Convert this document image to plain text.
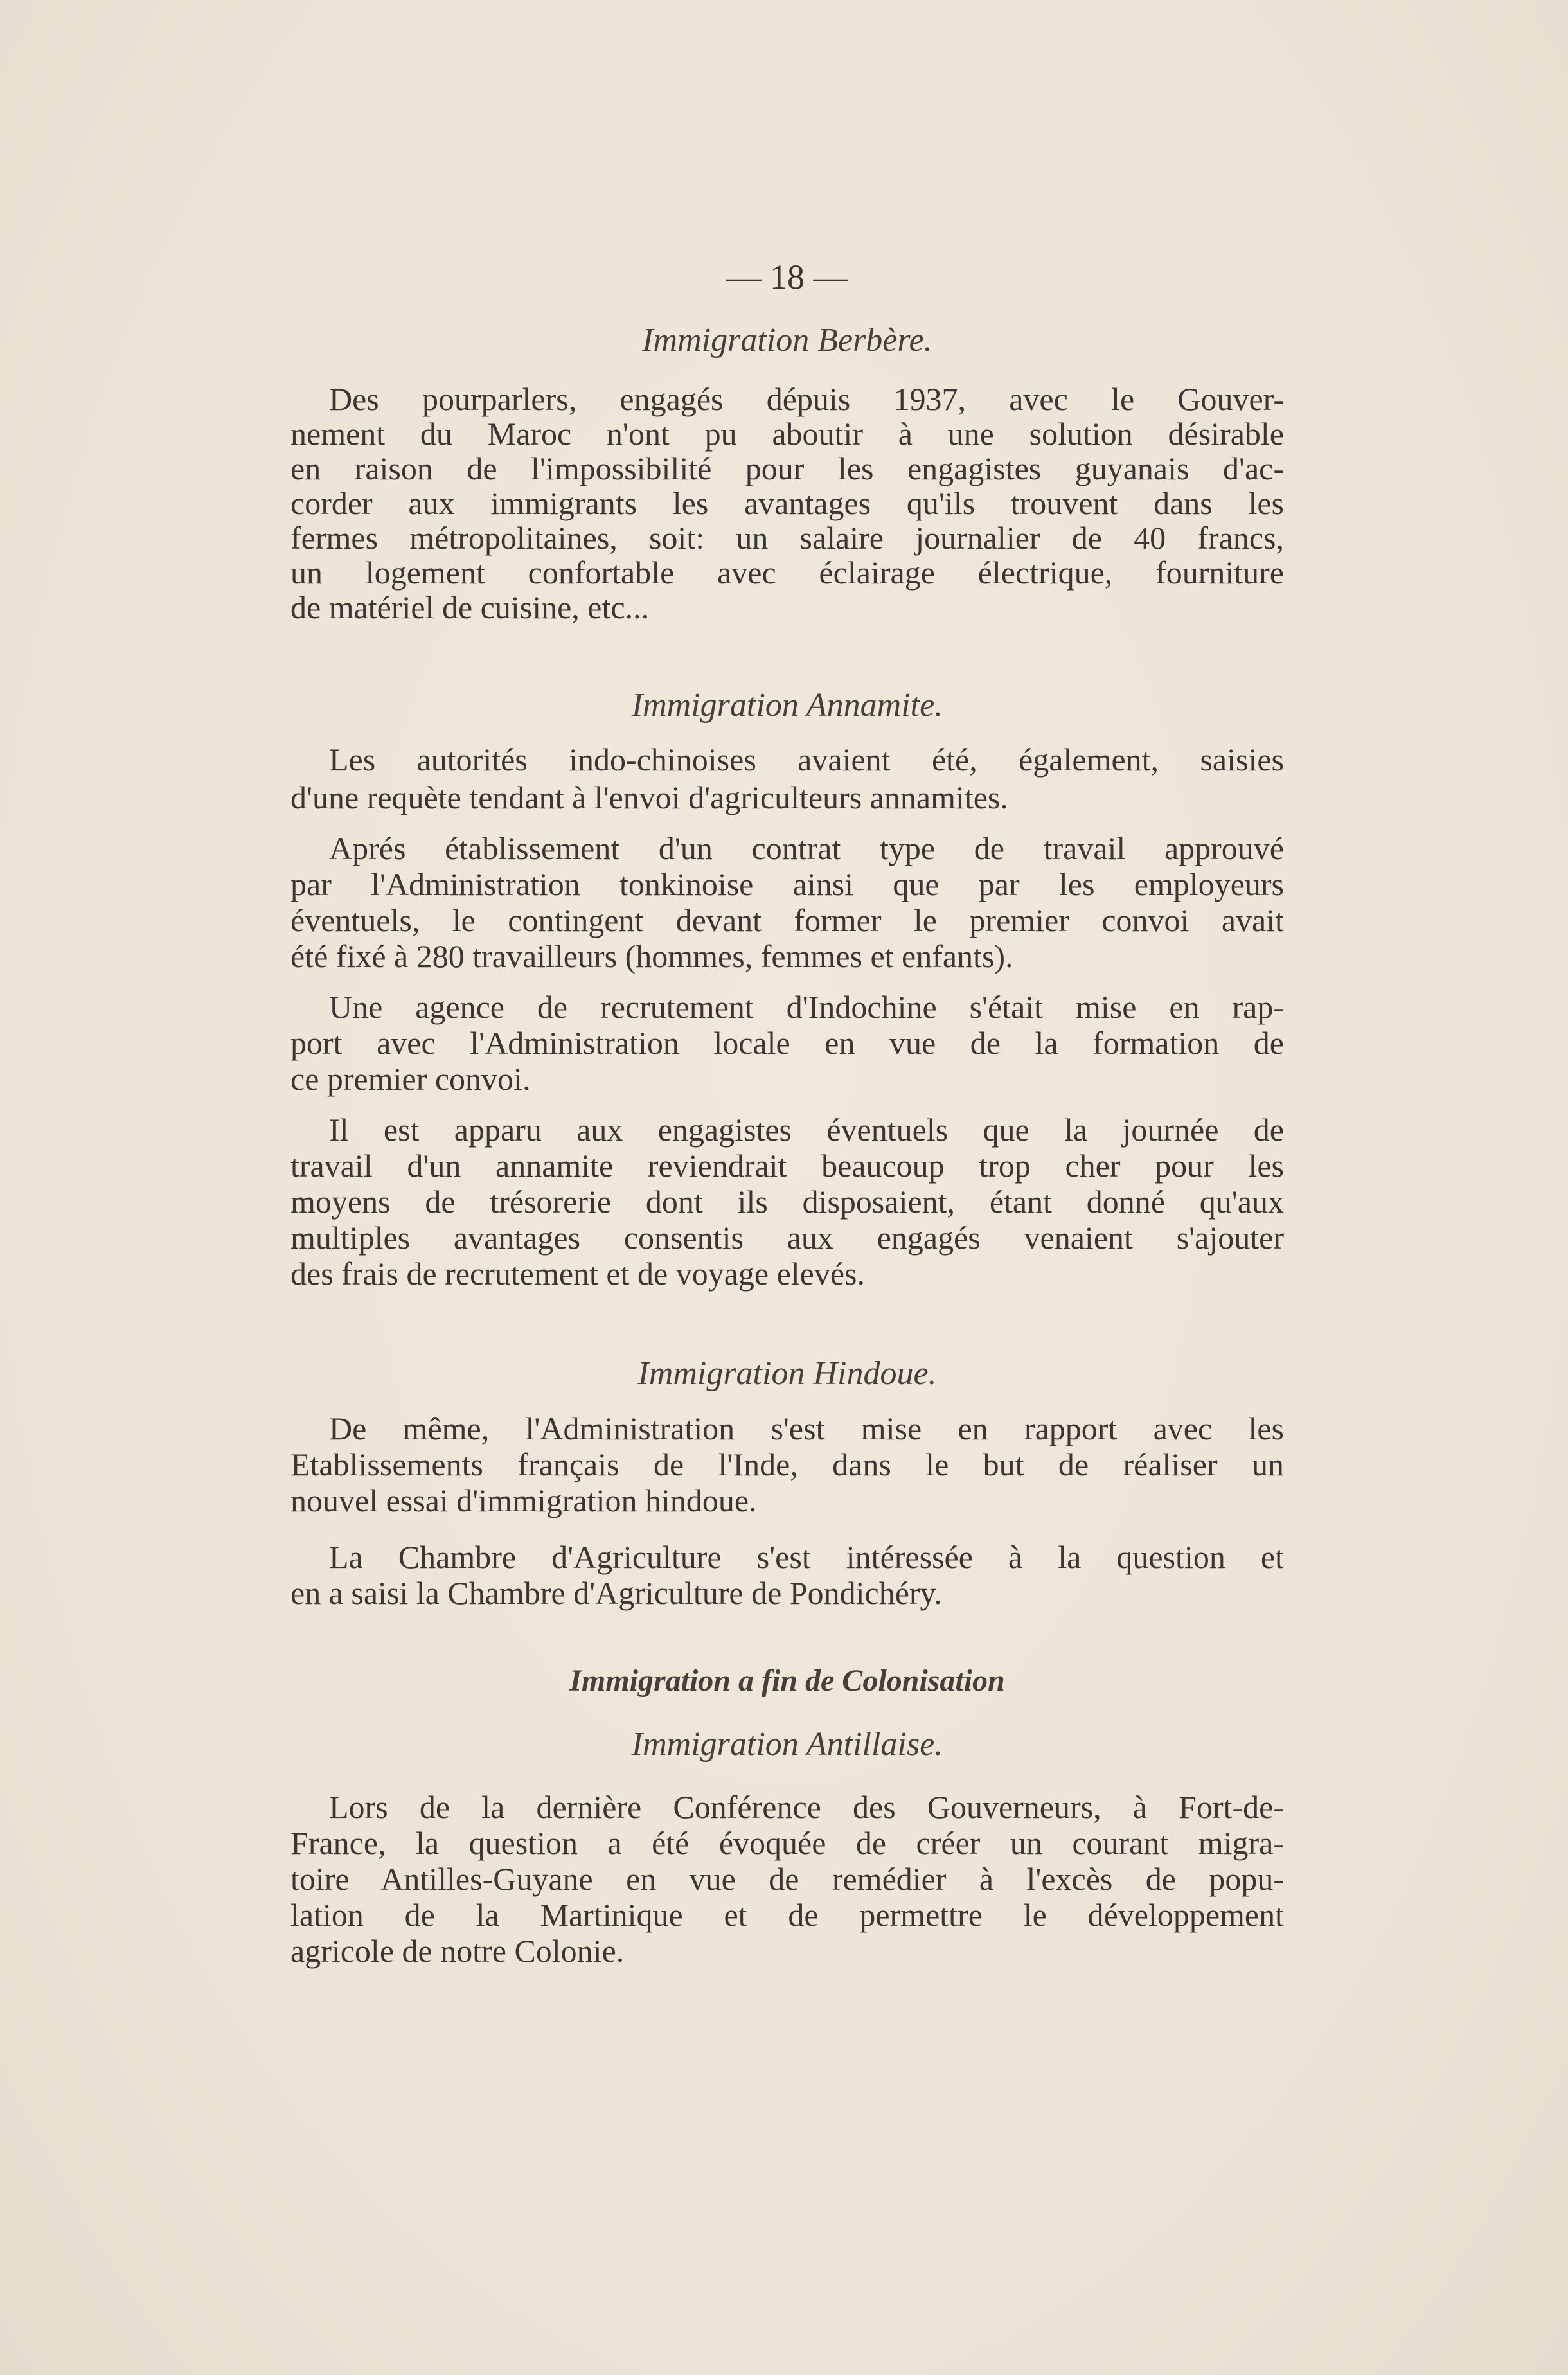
— 18 —
Immigration Berbère.
Des pourparlers, engagés dépuis 1937, avec le Gouver-
nement du Maroc n'ont pu aboutir à une solution désirable
en raison de l'impossibilité pour les engagistes guyanais d'ac-
corder aux immigrants les avantages qu'ils trouvent dans les
fermes métropolitaines, soit: un salaire journalier de 40 francs,
un logement confortable avec éclairage électrique, fourniture
de matériel de cuisine, etc...
Immigration Annamite.
Les autorités indo-chinoises avaient été, également, saisies
d'une requète tendant à l'envoi d'agriculteurs annamites.
Aprés établissement d'un contrat type de travail approuvé
par l'Administration tonkinoise ainsi que par les employeurs
éventuels, le contingent devant former le premier convoi avait
été fixé à 280 travailleurs (hommes, femmes et enfants).
Une agence de recrutement d'Indochine s'était mise en rap-
port avec l'Administration locale en vue de la formation de
ce premier convoi.
Il est apparu aux engagistes éventuels que la journée de
travail d'un annamite reviendrait beaucoup trop cher pour les
moyens de trésorerie dont ils disposaient, étant donné qu'aux
multiples avantages consentis aux engagés venaient s'ajouter
des frais de recrutement et de voyage elevés.
Immigration Hindoue.
De même, l'Administration s'est mise en rapport avec les
Etablissements français de l'Inde, dans le but de réaliser un
nouvel essai d'immigration hindoue.
La Chambre d'Agriculture s'est intéressée à la question et
en a saisi la Chambre d'Agriculture de Pondichéry.
Immigration a fin de Colonisation
Immigration Antillaise.
Lors de la dernière Conférence des Gouverneurs, à Fort-de-
France, la question a été évoquée de créer un courant migra-
toire Antilles-Guyane en vue de remédier à l'excès de popu-
lation de la Martinique et de permettre le développement
agricole de notre Colonie.
